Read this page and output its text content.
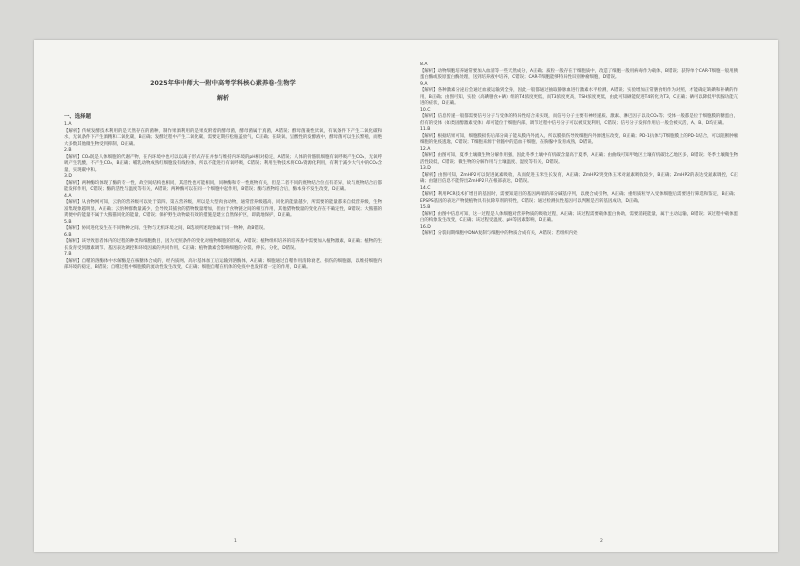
2025年华中师大一附中高考学科核心素养卷·生物学
解析
一、选择题
1.A

【解析】传统发酵技术利用的是天然存在的菌种，制作果酒利用的是果皮附着的酵母菌，酵母菌属于真菌，A错误；酵母菌兼性厌氧，有氧条件下产生二氧化碳和水，无氧条件下产生酒精和二氧化碳，B正确；发酵过程中产生二氧化碳，需要定期拧松瓶盖放气，C正确；在缺氧、呈酸性的发酵液中，酵母菌可以生长繁殖，而绝大多数其他微生物受到抑制，D正确。

2.B

【解析】CO₂既是人体细胞的代谢产物，在内环境中也可以以离子形式存在并参与维持内环境的pH相对稳定，A错误；人体的骨骼肌细胞有氧呼吸产生CO₂，无氧呼吸产生乳酸，不产生CO₂，B正确；哺乳动物成熟红细胞没有线粒体，所以不能进行有氧呼吸，C错误；利用生物技术将CO₂资源化利用，有利于减少大气中的CO₂含量，实现碳中和。

3.D

【解析】两种酶均体现了酶的专一性，故空间结构也相同，其活性也可能相同，同种酶和专一性底物有关，但是二者不同的底物结合位点有差异，故与底物结合后都能发挥作用，C错误；酶的活性与温度等有关，A错误；两种酶可以在同一个细胞中起作用，B错误；酶与底物结合后，酶本身不发生改变，D正确。

4.A

【解析】从食物网可知，云豹的营养级可以处于第四、第五营养级，所以是大型肉食动物，通常营养级越高，同化的能量越少，所需要的能量都来自低营养级，生物富集现象越明显，A正确；云豹种群数量减少，会导致其捕食的猎物数量增加，但由于食物链之间的相互作用，其他猎物数量的变化存在不确定性，B错误；大熊猫的粪便中的能量不属于大熊猫同化的能量，C错误；保护野生动物最有效的措施是建立自然保护区，即就地保护，D正确。

5.B

【解析】协同进化发生在不同物种之间、生物与无机环境之间，B选项所述现象属于同一物种，故B错误。

6.B

【解析】该导致患者体内的过程的种类和细胞数目，因为光照条件的变化对植物细胞的形成，A错误；植物组织培养的培养基中需要加入植物激素，B正确；植物的生长发育受到激素调节、基因表达调控和环境因素的共同作用，C正确；植物激素会影响细胞的分裂、伸长、分化，D错误。

7.B

【解析】自噬的溶酶体中水解酶是在核糖体合成的，经内质网、高尔基体加工后运输到溶酶体，A正确；细胞通过自噬作用清除衰老、损伤的细胞器，以维持细胞内部环境的稳定，B错误；自噬过程中细胞膜的流动性发生改变，C正确；细胞自噬在机体的免疫中也发挥着一定的作用，D正确。

8.A

【解析】动物细胞培养通常要加入血清等一些天然成分，A正确；质粒一般存在于细胞质中，改造了细胞一般用病毒作为载体，B错误；获得单个CAR-T细胞一般用胰蛋白酶或胶原蛋白酶处理，送到培养液中培养，C错误；CAR-T细胞能够特异性识别肿瘤细胞，D错误。

9.A

【解析】各种激素分泌后会通过血液运输到全身，因此一般都通过抽取静脉血进行激素水平检测，A错误；实验增加正常膳食组作为对照，才能确定缺碘和补碘的作用，B正确；由图可知，实验（高碘膳食+硒）组的T4浓度更低，而T3浓度更高，TSH浓度更低，由此可知硒能促进T4转化为T3，C正确；硒可以降低甲状腺功能亢进的症状，D正确。

10.C

【解析】信息传递一般都需要信号分子与受体的特异性结合来实现，而信号分子主要有神经递质、激素、淋巴因子以及CO₂等；受体一般都是位于细胞膜的糖蛋白，但有的受体（如类固醇激素受体）却可能位于细胞内部，调节过程中信号分子可以被反复利用，C错误；信号分子发挥作用后一般会被灭活，A、B、D均正确。

11.B

【解析】根据结果可知，细胞膜损伤后部分离子能从膜内外流入，所以膜损伤导致细胞内外渗透压改变，B正确；PD-1抗体与T细胞膜上的PD-1结合，可以阻断肿瘤细胞的免疫逃逸，C错误；T细胞来源于骨髓中的造血干细胞，在胸腺中发育成熟，D错误。

12.A

【解析】由图可知，夏季土壤微生物分解作用强，因此冬季土壤中有机碳含量高于夏季，A正确；由曲线可知甲地区土壤有机碳比乙地区多，B错误；冬季土壤微生物活性较低，C错误；微生物的分解作用与土壤温度、湿度等有关，D错误。

13.D

【解析】由图可知，ZmHP2可以促进氮素吸收，从而促进玉米生长发育，A正确；ZmHP2突变体玉米对氮素吸收较少，B正确；ZmHP2的表达受氮素调控，C正确；由题目信息不能得出ZmHP2只在根部表达，D错误。

14.C

【解析】利用PCR技术扩增目的基因时，需要知道目的基因两端的部分碱基序列，以便合成引物，A正确；重组质粒导入受体细胞后需要进行筛选和鉴定，B正确；EPSPS基因的表达产物使植物具有抗除草剂的特性，C错误；通过检测抗性基因可以判断是否转基因成功，D正确。

15.B

【解析】由图中信息可知，这一过程是人体细胞对营养物质的吸收过程，A正确；该过程需要载体蛋白协助，需要消耗能量，属于主动运输，B错误；该过程中载体蛋白的构象发生改变，C正确；该过程受温度、pH等因素影响，D正确。

16.D

【解析】分裂间期细胞中DNA复制与细胞中的物质合成有关，A错误；若组织内处

1	2
